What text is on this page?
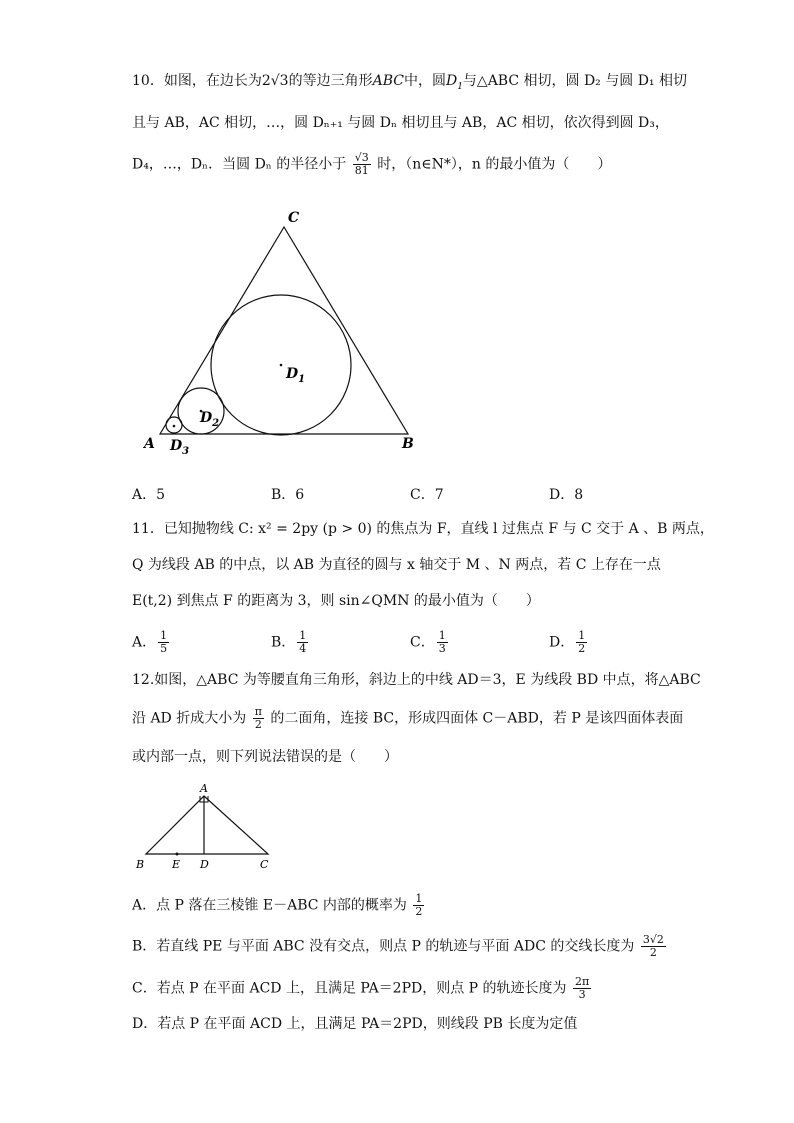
10．如图，在边长为2√3的等边三角形ABC中，圆$D_1$与△ABC 相切，圆 D₂ 与圆 D₁ 相切
且与 AB，AC 相切，…，圆 Dₙ₊₁ 与圆 Dₙ 相切且与 AB，AC 相切，依次得到圆 D₃，
D₄，…，Dₙ．当圆 Dₙ 的半径小于 $\frac{√3}{81}$ 时，（n∈N*），n 的最小值为（　　）
C
A	B
$D_1$
$D_2$
$D_3$
A．5	B．6	C．7	D．8
11．已知抛物线 C: x² = 2py (p > 0) 的焦点为 F，直线 l 过焦点 F 与 C 交于 A 、B 两点，
Q 为线段 AB 的中点，以 AB 为直径的圆与 x 轴交于 M 、N 两点，若 C 上存在一点
E(t,2) 到焦点 F 的距离为 3，则 sin∠QMN 的最小值为（　　）
A． $\frac{1}{5}$	B． $\frac{1}{4}$	C． $\frac{1}{3}$	D． $\frac{1}{2}$
12.如图，△ABC 为等腰直角三角形，斜边上的中线 AD＝3，E 为线段 BD 中点，将△ABC
沿 AD 折成大小为 $\frac{\pi}{2}$ 的二面角，连接 BC，形成四面体 C－ABD，若 P 是该四面体表面
或内部一点，则下列说法错误的是（　　）
A
B	E D	C
A．点 P 落在三棱锥 E－ABC 内部的概率为 $\frac{1}{2}$
B．若直线 PE 与平面 ABC 没有交点，则点 P 的轨迹与平面 ADC 的交线长度为 $\frac{3√2}{2}$
C．若点 P 在平面 ACD 上，且满足 PA＝2PD，则点 P 的轨迹长度为 $\frac{2\pi}{3}$
D．若点 P 在平面 ACD 上，且满足 PA＝2PD，则线段 PB 长度为定值
